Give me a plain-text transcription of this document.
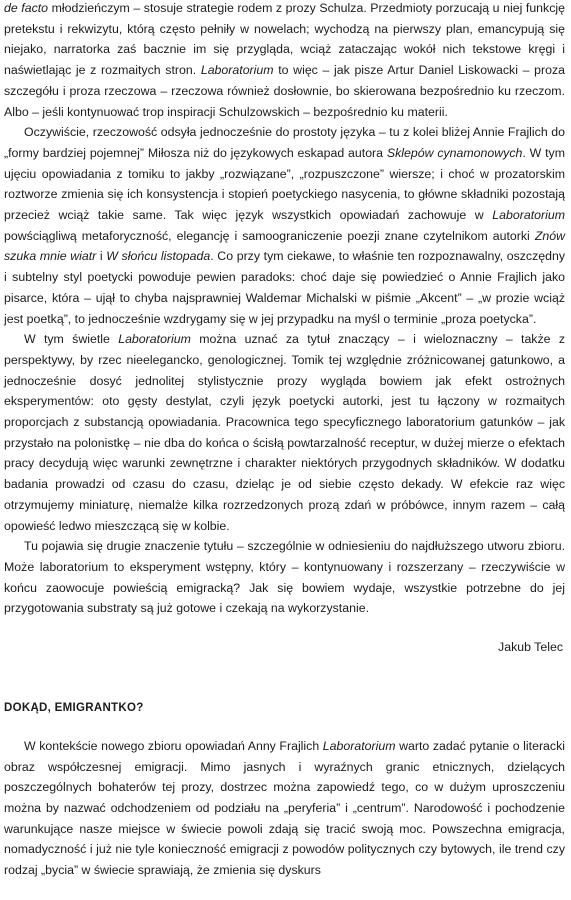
de facto młodzieńczym – stosuje strategie rodem z prozy Schulza. Przedmioty porzucają u niej funkcję pretekstu i rekwizytu, którą często pełniły w nowelach; wychodzą na pierwszy plan, emancypują się niejako, narratorka zaś bacznie im się przygląda, wciąż zataczając wokół nich tekstowe kręgi i naświetlając je z rozmaitych stron. Laboratorium to więc – jak pisze Artur Daniel Liskowacki – proza szczegółu i proza rzeczowa – rzeczowa również dosłownie, bo skierowana bezpośrednio ku rzeczom. Albo – jeśli kontynuować trop inspiracji Schulzowskich – bezpośrednio ku materii.

Oczywiście, rzeczowość odsyła jednocześnie do prostoty języka – tu z kolei bliżej Annie Frajlich do „formy bardziej pojemnej” Miłosza niż do językowych eskapad autora Sklepów cynamonowych. W tym ujęciu opowiadania z tomiku to jakby „rozwiązane”, „rozpuszczone” wiersze; i choć w prozatorskim roztworze zmienia się ich konsystencja i stopień poetyckiego nasycenia, to główne składniki pozostają przecież wciąż takie same. Tak więc język wszystkich opowiadań zachowuje w Laboratorium powściągliwą metaforyczność, elegancję i samoograniczenie poezji znane czytelnikom autorki Znów szuka mnie wiatr i W słońcu listopada. Co przy tym ciekawe, to właśnie ten rozpoznawalny, oszczędny i subtelny styl poetycki powoduje pewien paradoks: choć daje się powiedzieć o Annie Frajlich jako pisarce, która – ujął to chyba najsprawniej Waldemar Michalski w piśmie „Akcent” – „w prozie wciąż jest poetką”, to jednocześnie wzdrygamy się w jej przypadku na myśl o terminie „proza poetycka”.

W tym świetle Laboratorium można uznać za tytuł znaczący – i wieloznaczny – także z perspektywy, by rzec nieelegancko, genologicznej. Tomik tej względnie zróżnicowanej gatunkowo, a jednocześnie dosyć jednolitej stylistycznie prozy wygląda bowiem jak efekt ostrożnych eksperymentów: oto gęsty destylat, czyli język poetycki autorki, jest tu łączony w rozmaitych proporcjach z substancją opowiadania. Pracownica tego specyficznego laboratorium gatunków – jak przystało na polonistkę – nie dba do końca o ścisłą powtarzalność receptur, w dużej mierze o efektach pracy decydują więc warunki zewnętrzne i charakter niektórych przygodnych składników. W dodatku badania prowadzi od czasu do czasu, dzieląc je od siebie często dekady. W efekcie raz więc otrzymujemy miniaturę, niemalże kilka rozrzedzonych prozą zdań w próbówce, innym razem – całą opowieść ledwo mieszczącą się w kolbie.

Tu pojawia się drugie znaczenie tytułu – szczególnie w odniesieniu do najdłuższego utworu zbioru. Może laboratorium to eksperyment wstępny, który – kontynuowany i rozszerzany – rzeczywiście w końcu zaowocuje powieścią emigracką? Jak się bowiem wydaje, wszystkie potrzebne do jej przygotowania substraty są już gotowe i czekają na wykorzystanie.

Jakub Telec

DOKĄD, EMIGRANTKO?

W kontekście nowego zbioru opowiadań Anny Frajlich Laboratorium warto zadać pytanie o literacki obraz współczesnej emigracji. Mimo jasnych i wyraźnych granic etnicznych, dzielących poszczególnych bohaterów tej prozy, dostrzec można zapowiedź tego, co w dużym uproszczeniu można by nazwać odchodzeniem od podziału na „peryferia” i „centrum”. Narodowość i pochodzenie warunkujące nasze miejsce w świecie powoli zdają się tracić swoją moc. Powszechna emigracja, nomadyczność i już nie tyle konieczność emigracji z powodów politycznych czy bytowych, ile trend czy rodzaj „bycia” w świecie sprawiają, że zmienia się dyskurs
